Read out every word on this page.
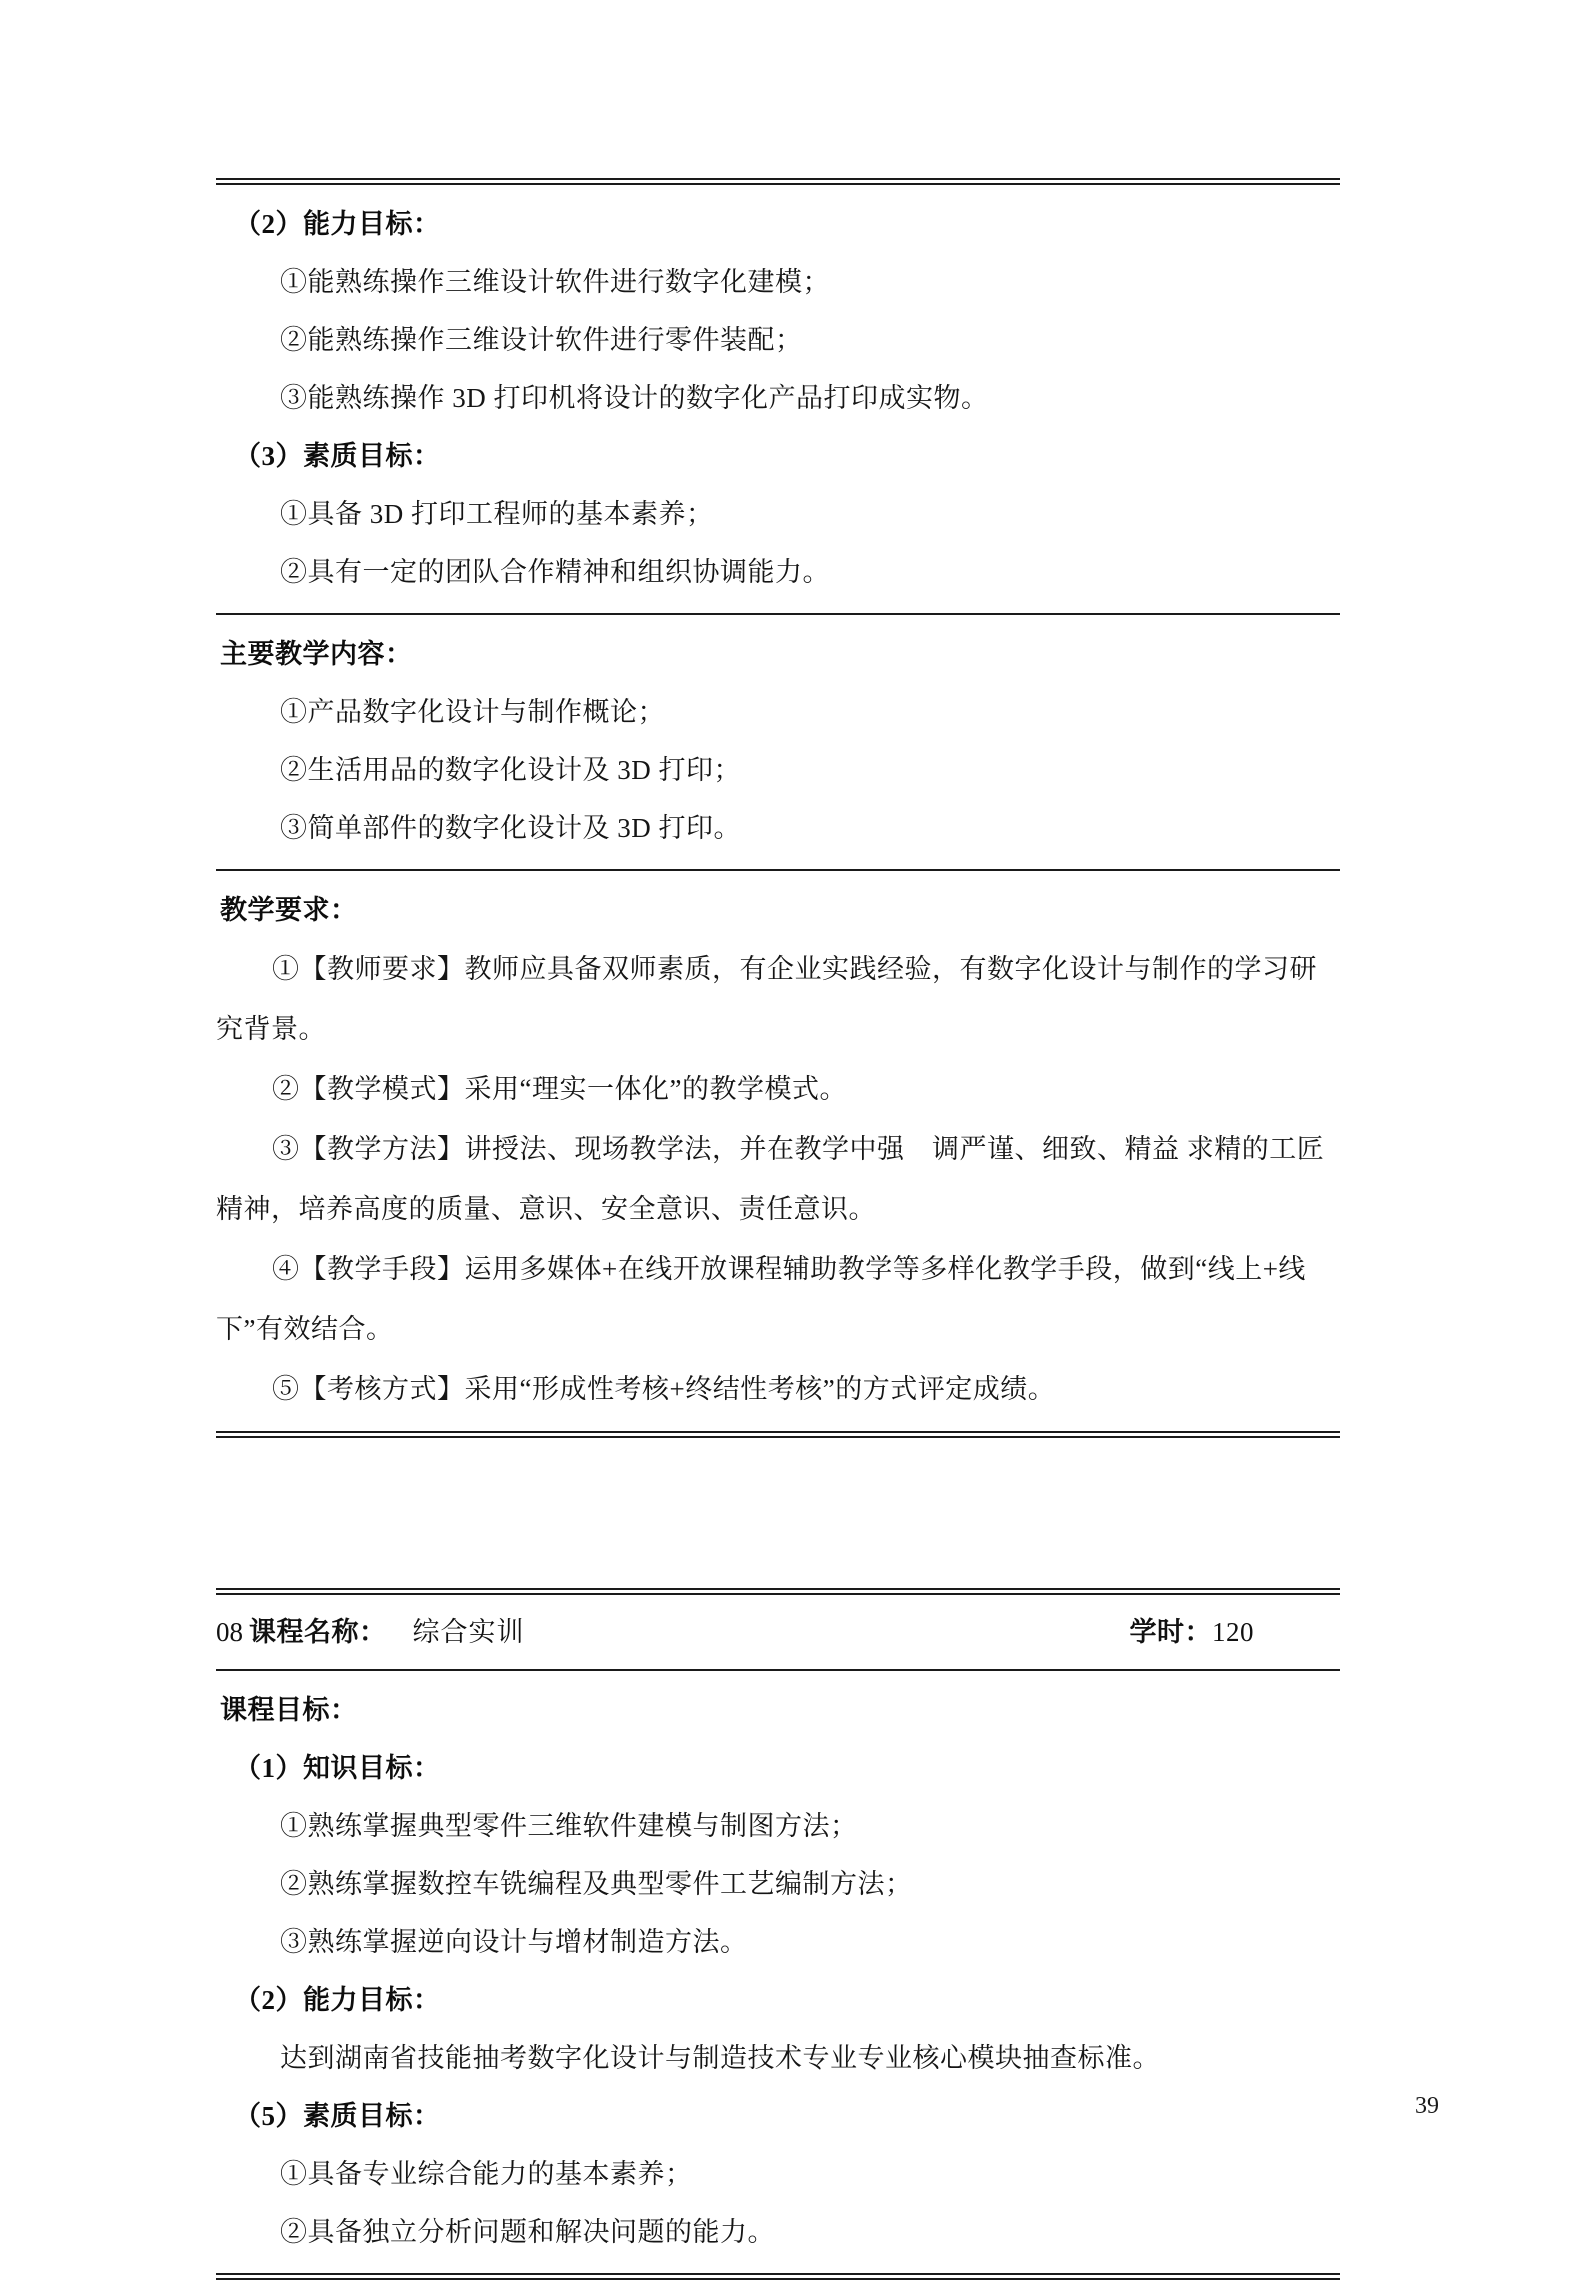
（2）能力目标：
①能熟练操作三维设计软件进行数字化建模；
②能熟练操作三维设计软件进行零件装配；
③能熟练操作 3D 打印机将设计的数字化产品打印成实物。
（3）素质目标：
①具备 3D 打印工程师的基本素养；
②具有一定的团队合作精神和组织协调能力。
主要教学内容：
①产品数字化设计与制作概论；
②生活用品的数字化设计及 3D 打印；
③简单部件的数字化设计及 3D 打印。
教学要求：
①【教师要求】教师应具备双师素质，有企业实践经验，有数字化设计与制作的学习研究背景。
②【教学模式】采用“理实一体化”的教学模式。
③【教学方法】讲授法、现场教学法，并在教学中强　调严谨、细致、精益 求精的工匠精神，培养高度的质量、意识、安全意识、责任意识。
④【教学手段】运用多媒体+在线开放课程辅助教学等多样化教学手段，做到“线上+线下”有效结合。
⑤【考核方式】采用“形成性考核+终结性考核”的方式评定成绩。
08 课程名称： 综合实训	学时：120
课程目标：
（1）知识目标：
①熟练掌握典型零件三维软件建模与制图方法；
②熟练掌握数控车铣编程及典型零件工艺编制方法；
③熟练掌握逆向设计与增材制造方法。
（2）能力目标：
达到湖南省技能抽考数字化设计与制造技术专业专业核心模块抽查标准。
（5）素质目标：
①具备专业综合能力的基本素养；
②具备独立分析问题和解决问题的能力。
39
